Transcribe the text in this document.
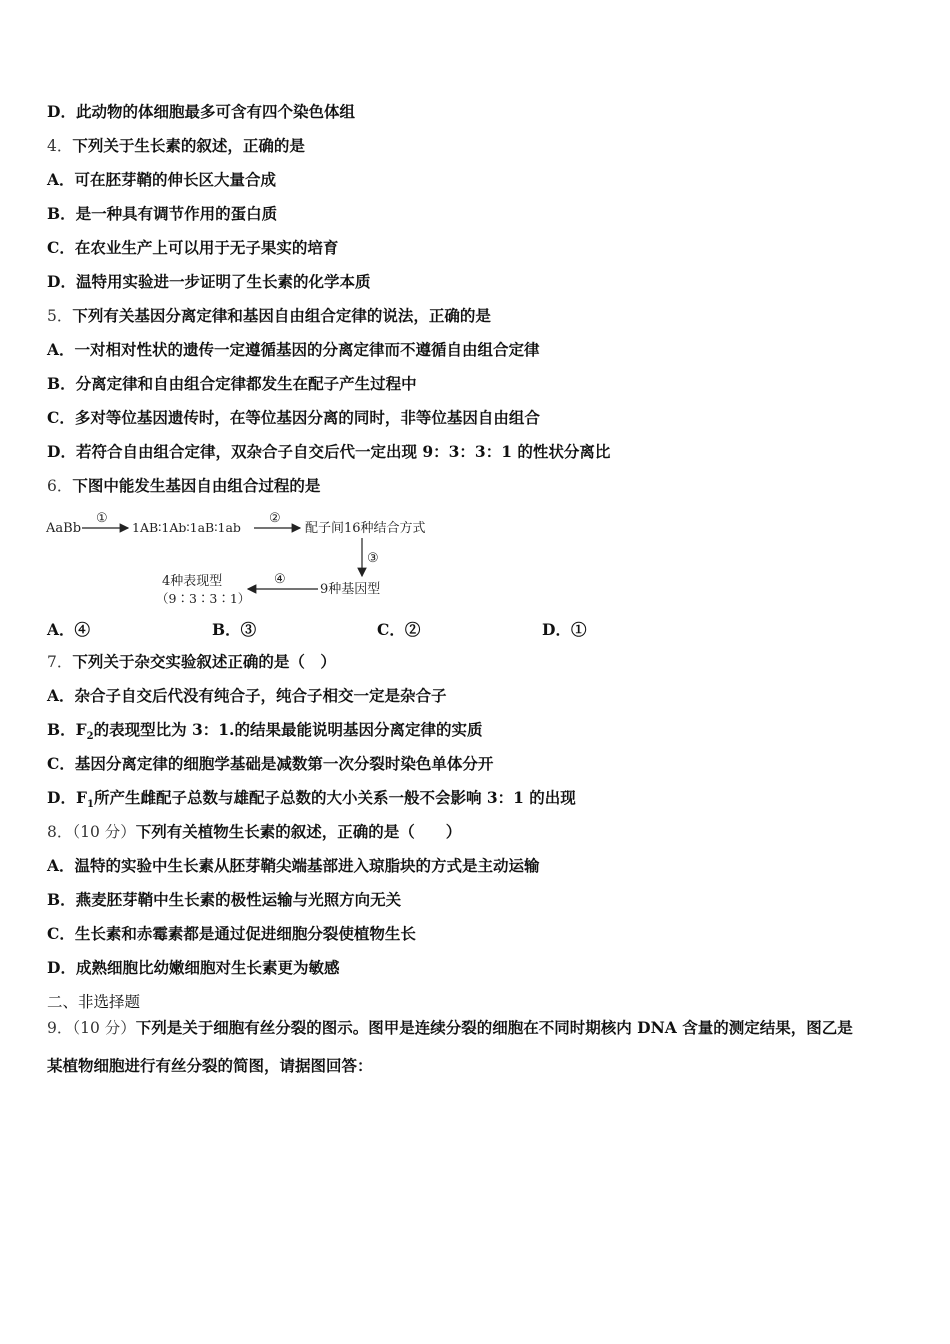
D．此动物的体细胞最多可含有四个染色体组
4．下列关于生长素的叙述，正确的是
A．可在胚芽鞘的伸长区大量合成
B．是一种具有调节作用的蛋白质
C．在农业生产上可以用于无子果实的培育
D．温特用实验进一步证明了生长素的化学本质
5．下列有关基因分离定律和基因自由组合定律的说法，正确的是
A．一对相对性状的遗传一定遵循基因的分离定律而不遵循自由组合定律
B．分离定律和自由组合定律都发生在配子产生过程中
C．多对等位基因遗传时，在等位基因分离的同时，非等位基因自由组合
D．若符合自由组合定律，双杂合子自交后代一定出现 9：3：3：1 的性状分离比
6．下图中能发生基因自由组合过程的是
AaBb
①
1AB∶1Ab∶1aB∶1ab
②
配子间16种结合方式
③
9种基因型
④
4种表现型
（9∶3∶3∶1）
A．④	B．③	C．②	D．①
7．下列关于杂交实验叙述正确的是（　）
A．杂合子自交后代没有纯合子，纯合子相交一定是杂合子
B．$F_2$的表现型比为 3：1.的结果最能说明基因分离定律的实质
C．基因分离定律的细胞学基础是减数第一次分裂时染色单体分开
D．$F_1$所产生雌配子总数与雄配子总数的大小关系一般不会影响 3：1 的出现
8．（10 分）下列有关植物生长素的叙述，正确的是（　　）
A．温特的实验中生长素从胚芽鞘尖端基部进入琼脂块的方式是主动运输
B．燕麦胚芽鞘中生长素的极性运输与光照方向无关
C．生长素和赤霉素都是通过促进细胞分裂使植物生长
D．成熟细胞比幼嫩细胞对生长素更为敏感
二、非选择题
9．（10 分）下列是关于细胞有丝分裂的图示。图甲是连续分裂的细胞在不同时期核内 DNA 含量的测定结果，图乙是
某植物细胞进行有丝分裂的简图，请据图回答：
